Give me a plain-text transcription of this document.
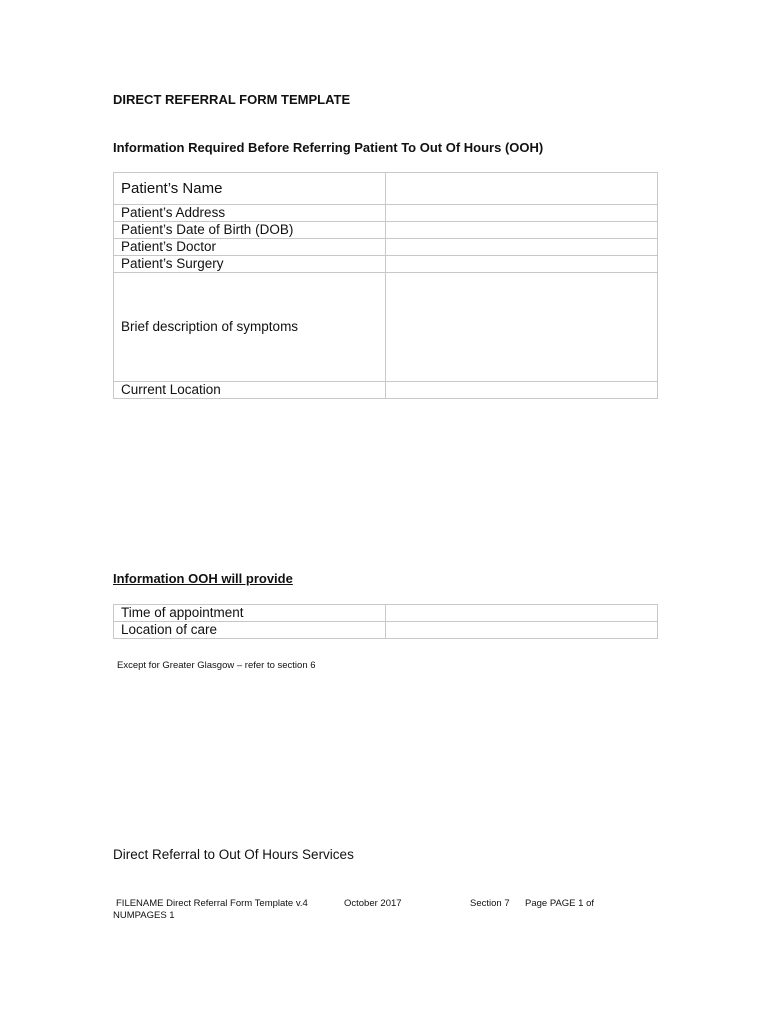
DIRECT REFERRAL FORM TEMPLATE
Information Required Before Referring Patient To Out Of Hours (OOH)
Patient’s Name	
Patient’s Address	
Patient’s Date of Birth (DOB)	
Patient’s Doctor	
Patient’s Surgery	
Brief description of symptoms	
Current Location	
Information OOH will provide
Time of appointment	
Location of care	
Except for Greater Glasgow – refer to section 6
Direct Referral to Out Of Hours Services
FILENAME Direct Referral Form Template v.4	October 2017	Section 7 Page PAGE 1 of
NUMPAGES 1
